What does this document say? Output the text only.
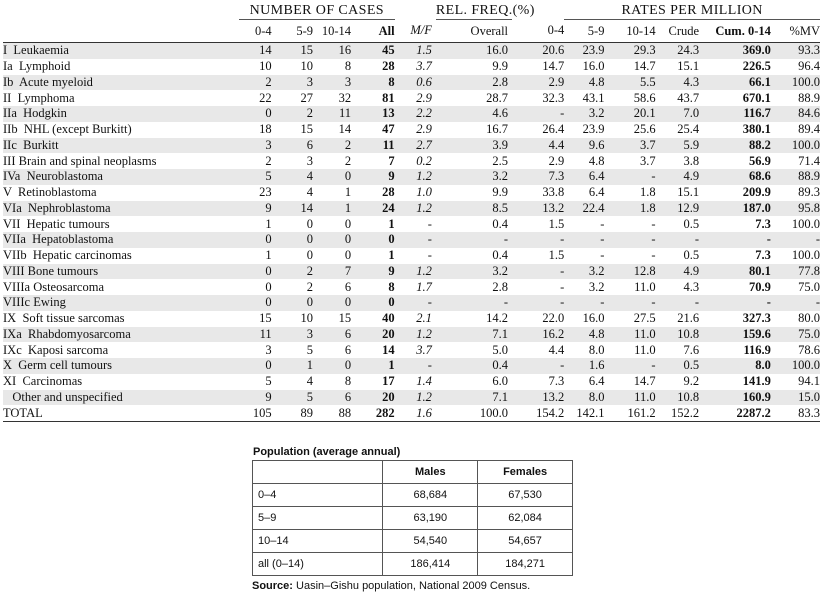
	NUMBER OF CASES					REL. FREQ.(%)		RATES PER MILLION				
	0-4	5-9	10-14	All	M/F	Overall	0-4	5-9	10-14	Crude	Cum. 0-14	%MV
I  Leukaemia	14	15	16	45	1.5	16.0	20.6	23.9	29.3	24.3	369.0	93.3
Ia  Lymphoid	10	10	8	28	3.7	9.9	14.7	16.0	14.7	15.1	226.5	96.4
Ib  Acute myeloid	2	3	3	8	0.6	2.8	2.9	4.8	5.5	4.3	66.1	100.0
II  Lymphoma	22	27	32	81	2.9	28.7	32.3	43.1	58.6	43.7	670.1	88.9
IIa  Hodgkin	0	2	11	13	2.2	4.6	-	3.2	20.1	7.0	116.7	84.6
IIb  NHL (except Burkitt)	18	15	14	47	2.9	16.7	26.4	23.9	25.6	25.4	380.1	89.4
IIc  Burkitt	3	6	2	11	2.7	3.9	4.4	9.6	3.7	5.9	88.2	100.0
III Brain and spinal neoplasms	2	3	2	7	0.2	2.5	2.9	4.8	3.7	3.8	56.9	71.4
IVa  Neuroblastoma	5	4	0	9	1.2	3.2	7.3	6.4	-	4.9	68.6	88.9
V  Retinoblastoma	23	4	1	28	1.0	9.9	33.8	6.4	1.8	15.1	209.9	89.3
VIa  Nephroblastoma	9	14	1	24	1.2	8.5	13.2	22.4	1.8	12.9	187.0	95.8
VII  Hepatic tumours	1	0	0	1	-	0.4	1.5	-	-	0.5	7.3	100.0
VIIa  Hepatoblastoma	0	0	0	0	-	-	-	-	-	-	-	-
VIIb  Hepatic carcinomas	1	0	0	1	-	0.4	1.5	-	-	0.5	7.3	100.0
VIII Bone tumours	0	2	7	9	1.2	3.2	-	3.2	12.8	4.9	80.1	77.8
VIIIa Osteosarcoma	0	2	6	8	1.7	2.8	-	3.2	11.0	4.3	70.9	75.0
VIIIc Ewing	0	0	0	0	-	-	-	-	-	-	-	-
IX  Soft tissue sarcomas	15	10	15	40	2.1	14.2	22.0	16.0	27.5	21.6	327.3	80.0
IXa  Rhabdomyosarcoma	11	3	6	20	1.2	7.1	16.2	4.8	11.0	10.8	159.6	75.0
IXc  Kaposi sarcoma	3	5	6	14	3.7	5.0	4.4	8.0	11.0	7.6	116.9	78.6
X  Germ cell tumours	0	1	0	1	-	0.4	-	1.6	-	0.5	8.0	100.0
XI  Carcinomas	5	4	8	17	1.4	6.0	7.3	6.4	14.7	9.2	141.9	94.1
Other and unspecified	9	5	6	20	1.2	7.1	13.2	8.0	11.0	10.8	160.9	15.0
TOTAL	105	89	88	282	1.6	100.0	154.2	142.1	161.2	152.2	2287.2	83.3
Population (average annual)
	Males	Females
0–4	68,684	67,530
5–9	63,190	62,084
10–14	54,540	54,657
all (0–14)	186,414	184,271
Source: Uasin–Gishu population, National 2009 Census.
